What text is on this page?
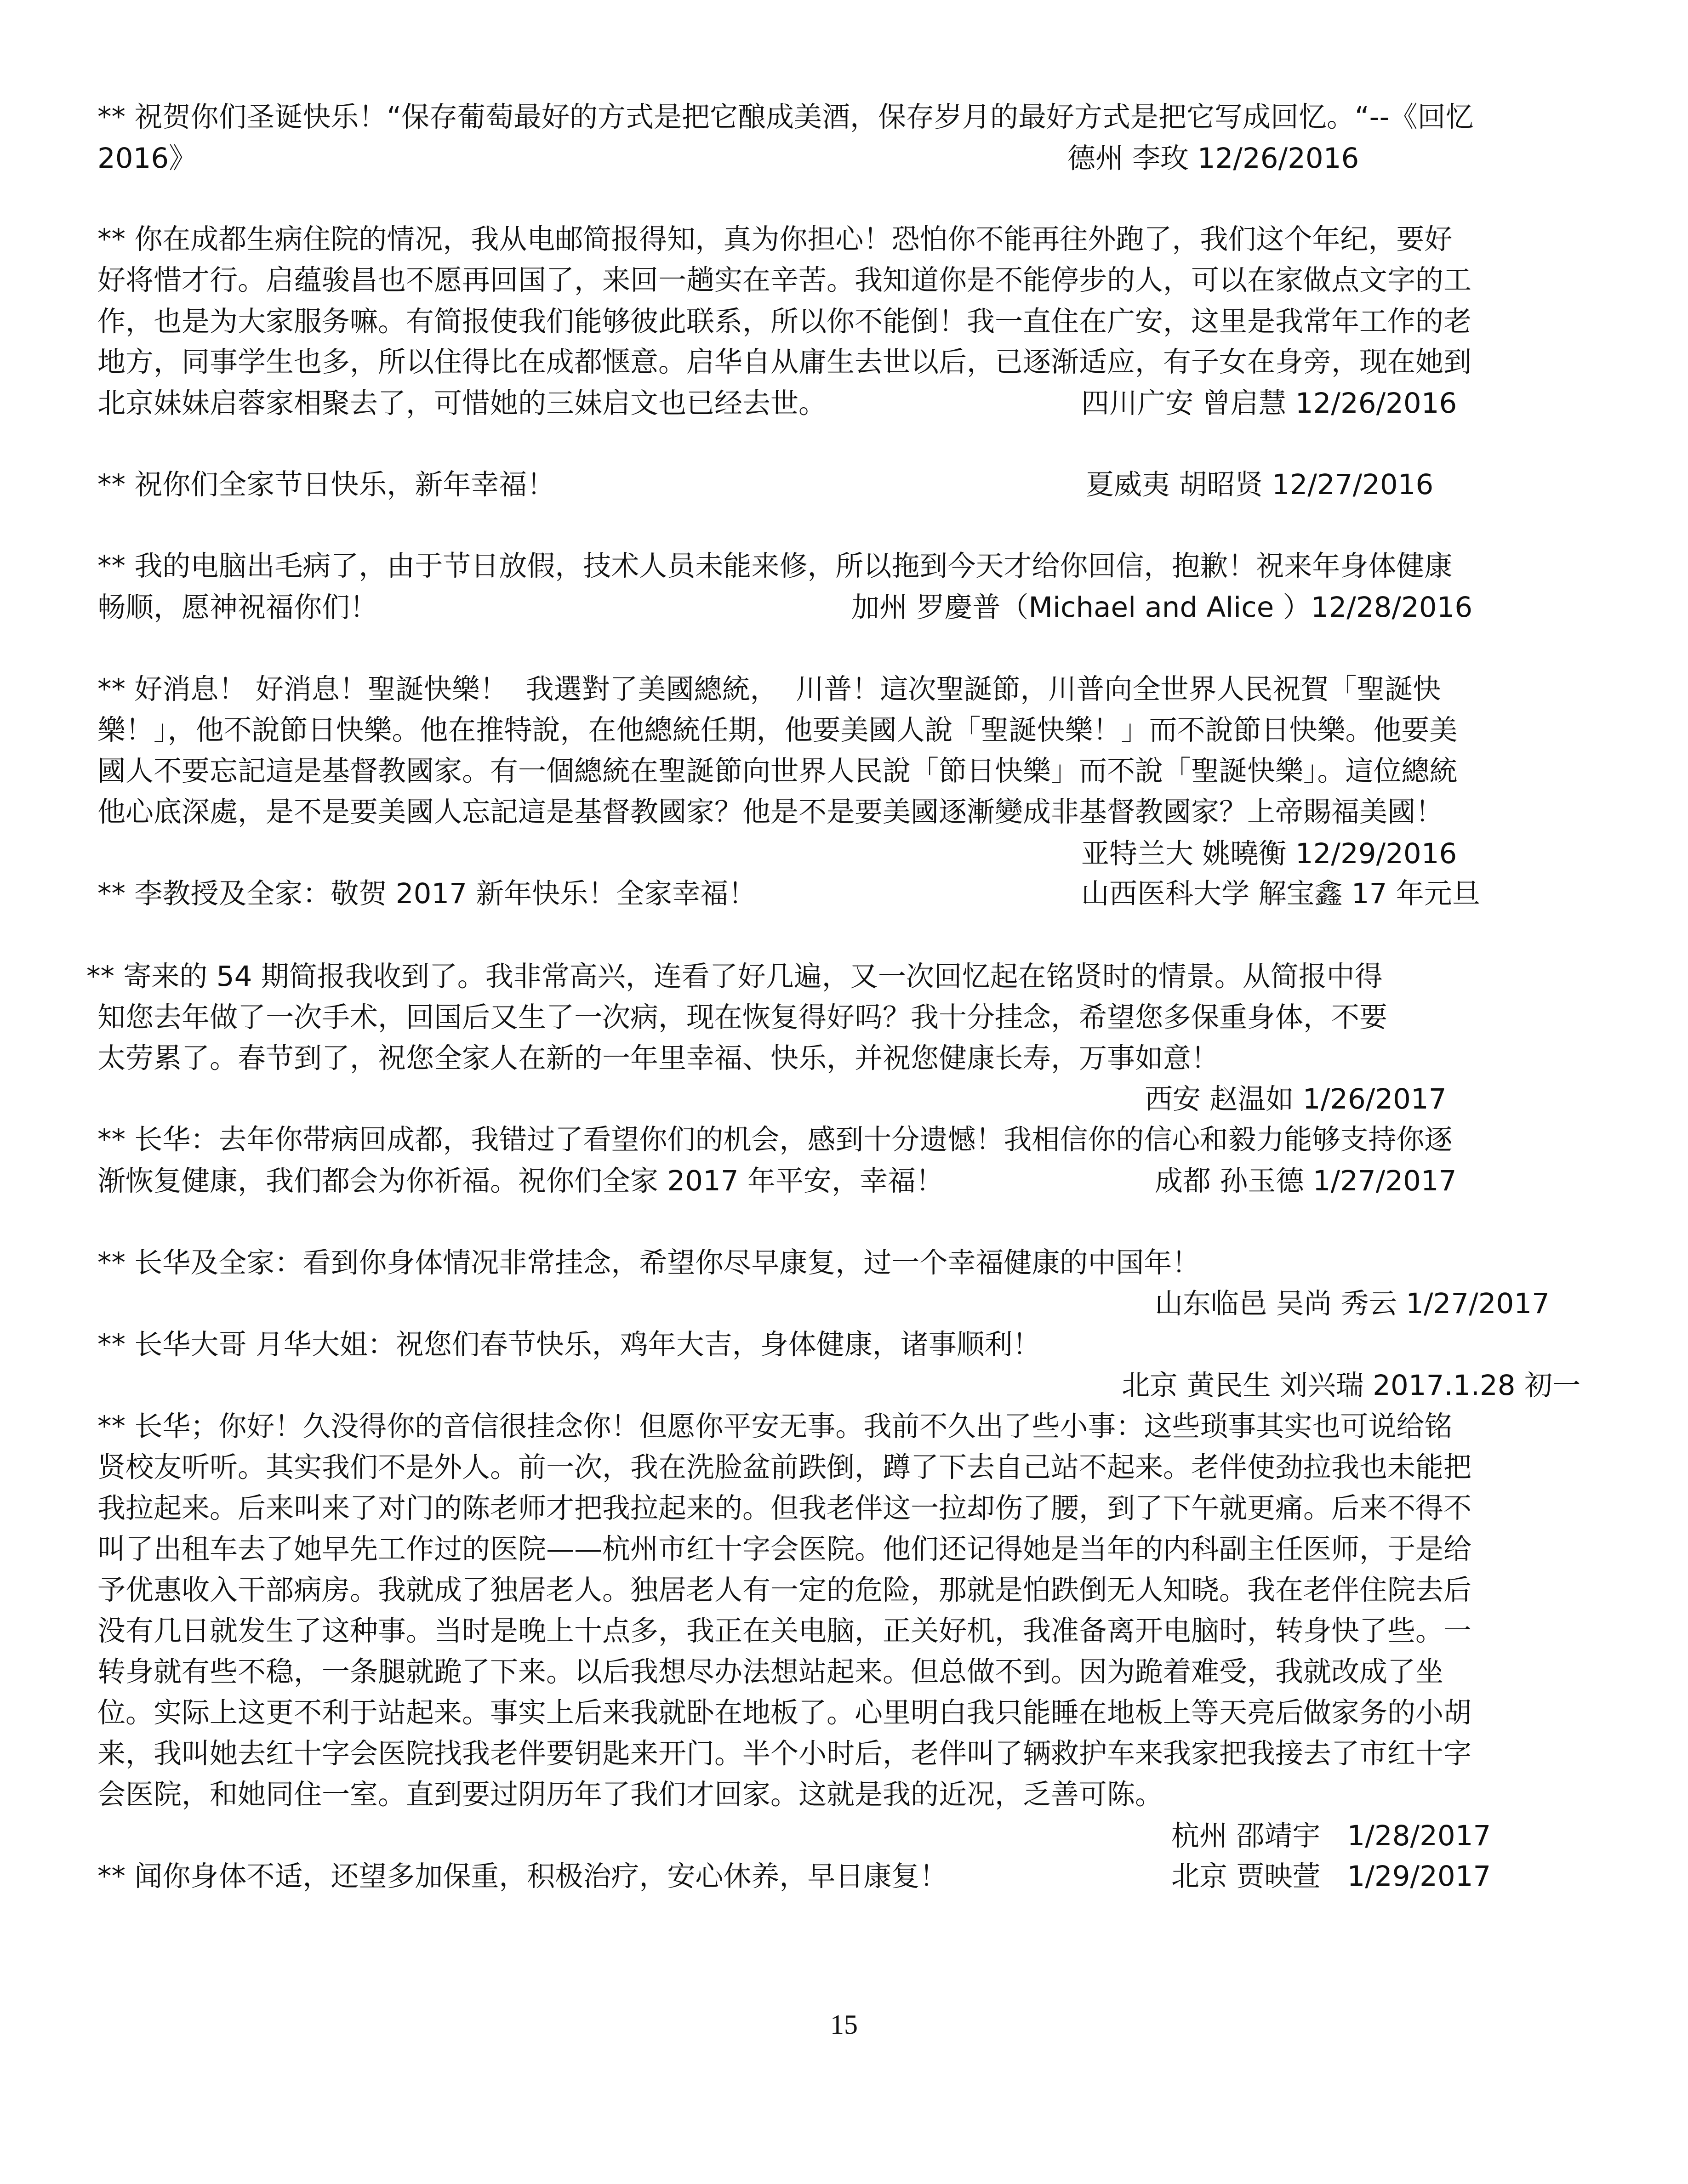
** 祝贺你们圣诞快乐！“保存葡萄最好的方式是把它酿成美酒，保存岁月的最好方式是把它写成回忆。“--《回忆
2016》	德州 李玫 12/26/2016
** 你在成都生病住院的情况，我从电邮简报得知，真为你担心！恐怕你不能再往外跑了，我们这个年纪，要好
好将惜才行。启蕴骏昌也不愿再回国了，来回一趟实在辛苦。我知道你是不能停步的人，可以在家做点文字的工
作，也是为大家服务嘛。有简报使我们能够彼此联系，所以你不能倒！我一直住在广安，这里是我常年工作的老
地方，同事学生也多，所以住得比在成都惬意。启华自从庸生去世以后，已逐渐适应，有子女在身旁，现在她到
北京妹妹启蓉家相聚去了，可惜她的三妹启文也已经去世。	四川广安 曾启慧 12/26/2016
** 祝你们全家节日快乐，新年幸福！	夏威夷 胡昭贤 12/27/2016
** 我的电脑出毛病了，由于节日放假，技术人员未能来修，所以拖到今天才给你回信，抱歉！祝来年身体健康
畅顺，愿神祝福你们！	加州 罗慶普（Michael and Alice ）12/28/2016
** 好消息！ 好消息！聖誕快樂！  我選對了美國總統，  川普！這次聖誕節，川普向全世界人民祝賀「聖誕快
樂！」，他不說節日快樂。他在推特說，在他總統任期，他要美國人說「聖誕快樂！」而不說節日快樂。他要美
國人不要忘記這是基督教國家。有一個總統在聖誕節向世界人民說「節日快樂」而不說「聖誕快樂」。這位總統
他心底深處，是不是要美國人忘記這是基督教國家？他是不是要美國逐漸變成非基督教國家？上帝賜福美國！
亚特兰大 姚曉衡 12/29/2016
** 李教授及全家：敬贺 2017 新年快乐！全家幸福！	山西医科大学 解宝鑫 17 年元旦
** 寄来的 54 期简报我收到了。我非常高兴，连看了好几遍，又一次回忆起在铭贤时的情景。从简报中得
知您去年做了一次手术，回国后又生了一次病，现在恢复得好吗？我十分挂念，希望您多保重身体，不要
太劳累了。春节到了，祝您全家人在新的一年里幸福、快乐，并祝您健康长寿，万事如意！
西安 赵温如 1/26/2017
** 长华：去年你带病回成都，我错过了看望你们的机会，感到十分遗憾！我相信你的信心和毅力能够支持你逐
渐恢复健康，我们都会为你祈福。祝你们全家 2017 年平安，幸福！	成都 孙玉德 1/27/2017
** 长华及全家：看到你身体情况非常挂念，希望你尽早康复，过一个幸福健康的中国年！
山东临邑 吴尚 秀云 1/27/2017
** 长华大哥 月华大姐：祝您们春节快乐，鸡年大吉，身体健康，诸事顺利！
北京 黄民生 刘兴瑞 2017.1.28 初一
** 长华；你好！久没得你的音信很挂念你！但愿你平安无事。我前不久出了些小事：这些琐事其实也可说给铭
贤校友听听。其实我们不是外人。前一次，我在洗脸盆前跌倒，蹲了下去自己站不起来。老伴使劲拉我也未能把
我拉起来。后来叫来了对门的陈老师才把我拉起来的。但我老伴这一拉却伤了腰，到了下午就更痛。后来不得不
叫了出租车去了她早先工作过的医院——杭州市红十字会医院。他们还记得她是当年的内科副主任医师，于是给
予优惠收入干部病房。我就成了独居老人。独居老人有一定的危险，那就是怕跌倒无人知晓。我在老伴住院去后
没有几日就发生了这种事。当时是晚上十点多，我正在关电脑，正关好机，我准备离开电脑时，转身快了些。一
转身就有些不稳，一条腿就跪了下来。以后我想尽办法想站起来。但总做不到。因为跪着难受，我就改成了坐
位。实际上这更不利于站起来。事实上后来我就卧在地板了。心里明白我只能睡在地板上等天亮后做家务的小胡
来，我叫她去红十字会医院找我老伴要钥匙来开门。半个小时后，老伴叫了辆救护车来我家把我接去了市红十字
会医院，和她同住一室。直到要过阴历年了我们才回家。这就是我的近况，乏善可陈。
杭州 邵靖宇   1/28/2017
** 闻你身体不适，还望多加保重，积极治疗，安心休养，早日康复！	北京 贾映萱   1/29/2017
15
